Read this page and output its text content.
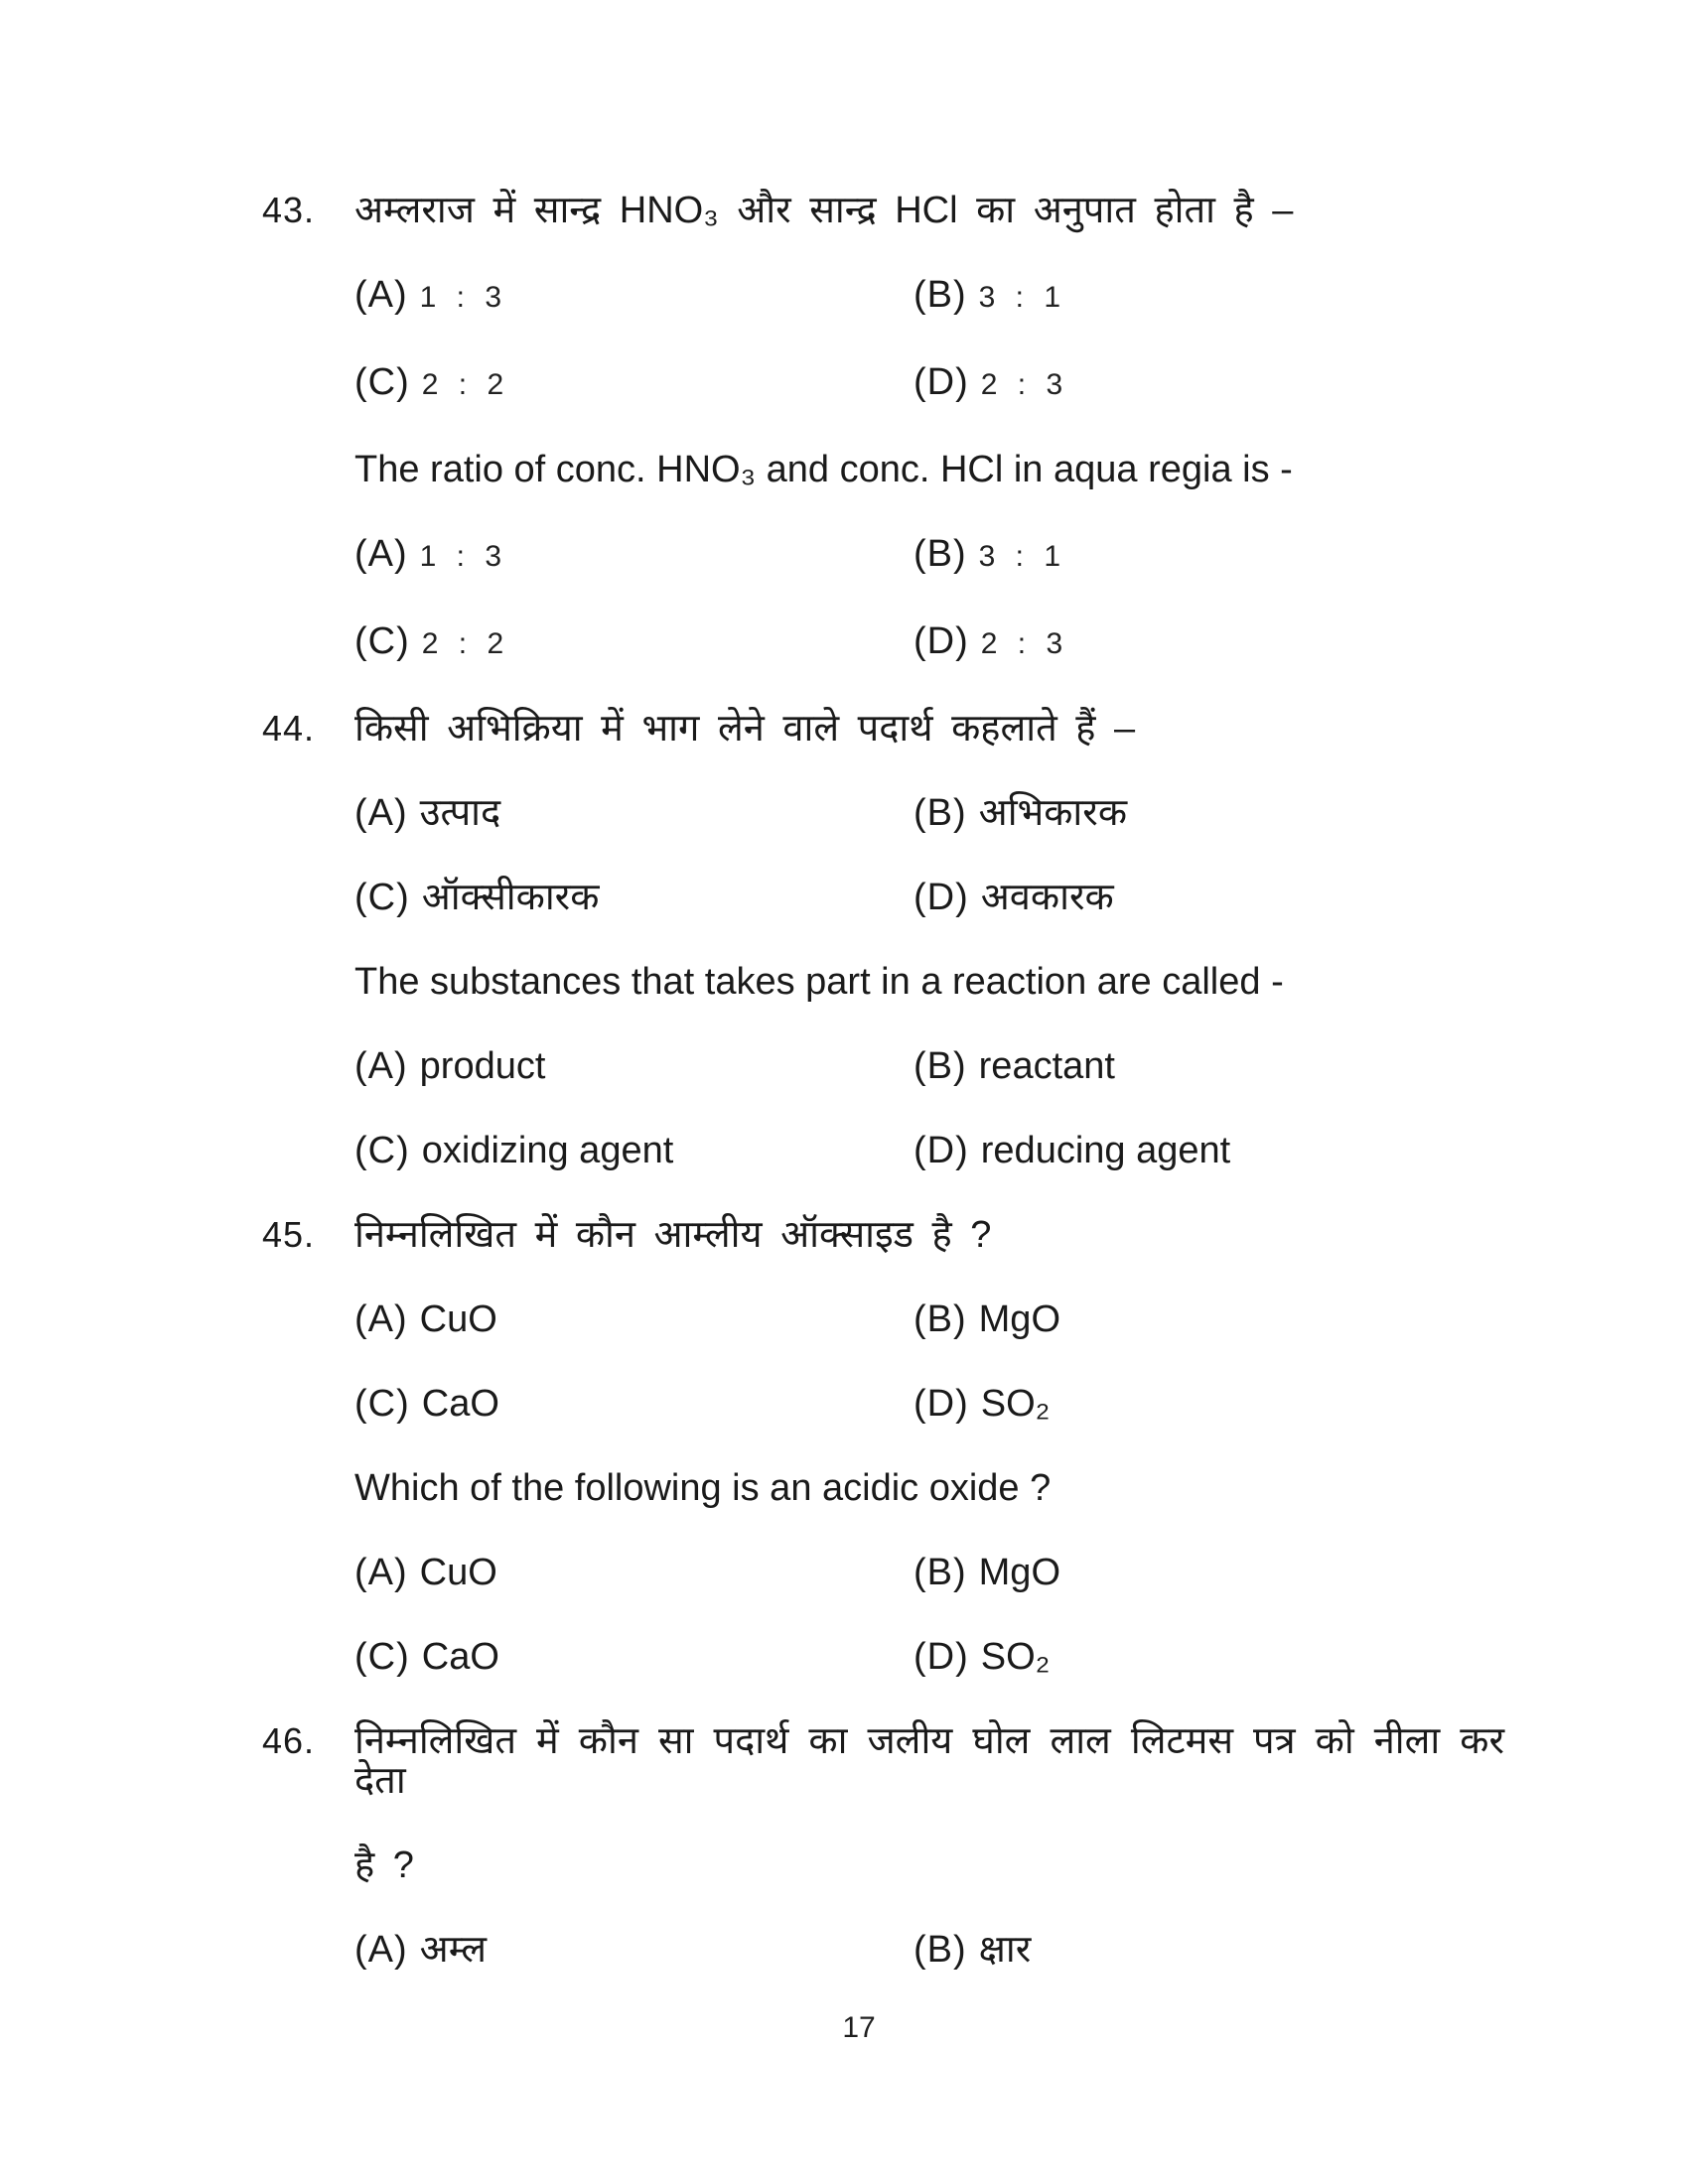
43.	अम्लराज में सान्द्र HNO₃ और सान्द्र HCl का अनुपात होता है –
(A) 1 : 3	(B) 3 : 1
(C) 2 : 2	(D) 2 : 3
The ratio of conc. HNO₃ and conc. HCl in aqua regia is -
(A) 1 : 3	(B) 3 : 1
(C) 2 : 2	(D) 2 : 3
44.	किसी अभिक्रिया में भाग लेने वाले पदार्थ कहलाते हैं –
(A) उत्पाद	(B) अभिकारक
(C) ऑक्सीकारक	(D) अवकारक
The substances that takes part in a reaction are called -
(A) product	(B) reactant
(C) oxidizing agent	(D) reducing agent
45.	निम्नलिखित में कौन आम्लीय ऑक्साइड है ?
(A) CuO	(B) MgO
(C) CaO	(D) SO₂
Which of the following is an acidic oxide ?
(A) CuO	(B) MgO
(C) CaO	(D) SO₂
46.	निम्नलिखित में कौन सा पदार्थ का जलीय घोल लाल लिटमस पत्र को नीला कर देता
है ?
(A) अम्ल	(B) क्षार
17
